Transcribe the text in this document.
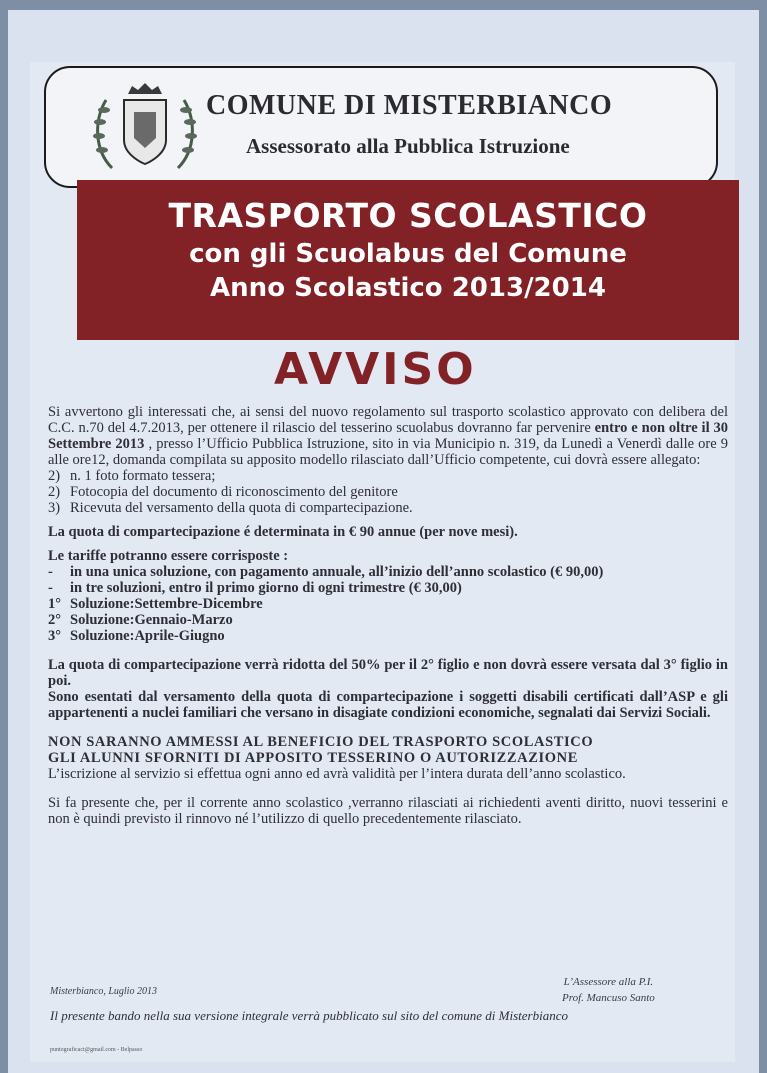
COMUNE DI MISTERBIANCO
Assessorato alla Pubblica Istruzione
TRASPORTO SCOLASTICO
con gli Scuolabus del Comune
Anno Scolastico 2013/2014
AVVISO

Si avvertono gli interessati che, ai sensi del nuovo regolamento sul trasporto scolastico approvato con delibera del C.C. n.70 del 4.7.2013, per ottenere il rilascio del tesserino scuolabus dovranno far pervenire entro e non oltre il 30 Settembre 2013 , presso l’Ufficio Pubblica Istruzione, sito in via Municipio n. 319, da Lunedì a Venerdì dalle ore 9 alle ore12, domanda compilata su apposito modello rilasciato dall’Ufficio competente, cui dovrà essere allegato:

2) n. 1 foto formato tessera;
2) Fotocopia del documento di riconoscimento del genitore
3) Ricevuta del versamento della quota di compartecipazione.

La quota di compartecipazione é determinata in € 90 annue (per nove mesi).

Le tariffe potranno essere corrisposte :

-	in una unica soluzione, con pagamento annuale, all’inizio dell’anno scolastico (€ 90,00)
-	in tre soluzioni, entro il primo giorno di ogni trimestre (€ 30,00)
1° Soluzione:Settembre-Dicembre
2° Soluzione:Gennaio-Marzo
3° Soluzione:Aprile-Giugno

La quota di compartecipazione verrà ridotta del 50% per il 2° figlio e non dovrà essere versata dal 3° figlio in poi.

Sono esentati dal versamento della quota di compartecipazione i soggetti disabili certificati dall’ASP e gli appartenenti a nuclei familiari che versano in disagiate condizioni economiche, segnalati dai Servizi Sociali.

NON SARANNO AMMESSI AL BENEFICIO DEL TRASPORTO SCOLASTICO

GLI ALUNNI SFORNITI DI APPOSITO TESSERINO O AUTORIZZAZIONE

L’iscrizione al servizio si effettua ogni anno ed avrà validità per l’intera durata dell’anno scolastico.

Si fa presente che, per il corrente anno scolastico ,verranno rilasciati ai richiedenti aventi diritto, nuovi tesserini e non è quindi previsto il rinnovo né l’utilizzo di quello precedentemente rilasciato.

Misterbianco, Luglio 2013
L’Assessore alla P.I.
Prof. Mancuso Santo
Il presente bando nella sua versione integrale verrà pubblicato sul sito del comune di Misterbianco
puntograficact@gmail.com - Belpasso
